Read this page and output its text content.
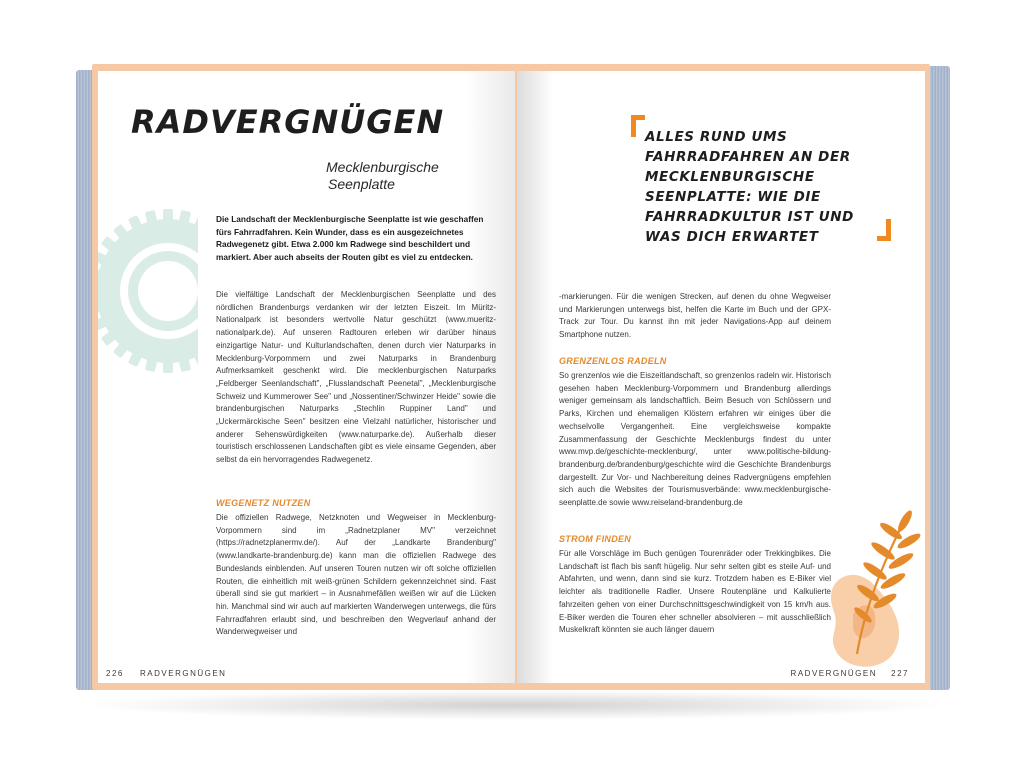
RADVERGNÜGEN
Mecklenburgische
Seenplatte

Die Landschaft der Mecklenburgische Seenplatte ist wie geschaffen fürs Fahrradfahren. Kein Wunder, dass es ein ausgezeichnetes Radwegenetz gibt. Etwa 2.000 km Radwege sind beschildert und markiert. Aber auch abseits der Routen gibt es viel zu entdecken.

Die vielfältige Landschaft der Mecklenburgischen Seenplatte und des nördlichen Brandenburgs verdanken wir der letzten Eiszeit. Im Müritz-Nationalpark ist besonders wertvolle Natur geschützt (www.mueritz-nationalpark.de). Auf unseren Radtouren erleben wir darüber hinaus einzigartige Natur- und Kulturlandschaften, denen durch vier Naturparks in Mecklenburg-Vorpommern und zwei Naturparks in Brandenburg Aufmerksamkeit geschenkt wird. Die mecklenburgischen Naturparks „Feldberger Seenlandschaft", „Flusslandschaft Peenetal", „Mecklenburgische Schweiz und Kummerower See" und „Nossentiner/Schwinzer Heide" sowie die brandenburgischen Naturparks „Stechlin Ruppiner Land" und „Uckermärckische Seen" besitzen eine Vielzahl natürlicher, historischer und anderer Sehenswürdigkeiten (www.naturparke.de). Außerhalb dieser touristisch erschlossenen Landschaften gibt es viele einsame Gegenden, aber selbst da ein hervorragendes Radwegenetz.

WEGENETZ NUTZEN

Die offiziellen Radwege, Netzknoten und Wegweiser in Mecklenburg-Vorpommern sind im „Radnetzplaner MV" verzeichnet (https://radnetzplanermv.de/). Auf der „Landkarte Brandenburg" (www.landkarte-brandenburg.de) kann man die offiziellen Radwege des Bundeslands einblenden. Auf unseren Touren nutzen wir oft solche offiziellen Routen, die einheitlich mit weiß-grünen Schildern gekennzeichnet sind. Fast überall sind sie gut markiert – in Ausnahmefällen weißen wir auf die Lücken hin. Manchmal sind wir auch auf markierten Wanderwegen unterwegs, die fürs Fahrradfahren erlaubt sind, und beschreiben den Wegverlauf anhand der Wanderwegweiser und

226 RADVERGNÜGEN
ALLES RUND UMS FAHRRADFAHREN AN DER MECKLENBURGISCHE SEENPLATTE: WIE DIE FAHRRADKULTUR IST UND WAS DICH ERWARTET

-markierungen. Für die wenigen Strecken, auf denen du ohne Wegweiser und Markierungen unterwegs bist, helfen die Karte im Buch und der GPX-Track zur Tour. Du kannst ihn mit jeder Navigations-App auf deinem Smartphone nutzen.

GRENZENLOS RADELN

So grenzenlos wie die Eiszeitlandschaft, so grenzenlos radeln wir. Historisch gesehen haben Mecklenburg-Vorpommern und Brandenburg allerdings weniger gemeinsam als landschaftlich. Beim Besuch von Schlössern und Parks, Kirchen und ehemaligen Klöstern erfahren wir einiges über die wechselvolle Vergangenheit. Eine vergleichsweise kompakte Zusammenfassung der Geschichte Mecklenburgs findest du unter www.mvp.de/geschichte-mecklenburg/, unter www.politische-bildung-brandenburg.de/brandenburg/geschichte wird die Geschichte Brandenburgs dargestellt. Zur Vor- und Nachbereitung deines Radvergnügens empfehlen sich auch die Websites der Tourismusverbände: www.mecklenburgische-seenplatte.de sowie www.reiseland-brandenburg.de

STROM FINDEN

Für alle Vorschläge im Buch genügen Tourenräder oder Trekkingbikes. Die Landschaft ist flach bis sanft hügelig. Nur sehr selten gibt es steile Auf- und Abfahrten, und wenn, dann sind sie kurz. Trotzdem haben es E-Biker viel leichter als traditionelle Radler. Unsere Routenpläne und Kalkulierte fahrzeiten gehen von einer Durchschnittsgeschwindigkeit von 15 km/h aus. E-Biker werden die Touren eher schneller absolvieren – mit ausschließlich Muskelkraft könnten sie auch länger dauern

RADVERGNÜGEN 227
